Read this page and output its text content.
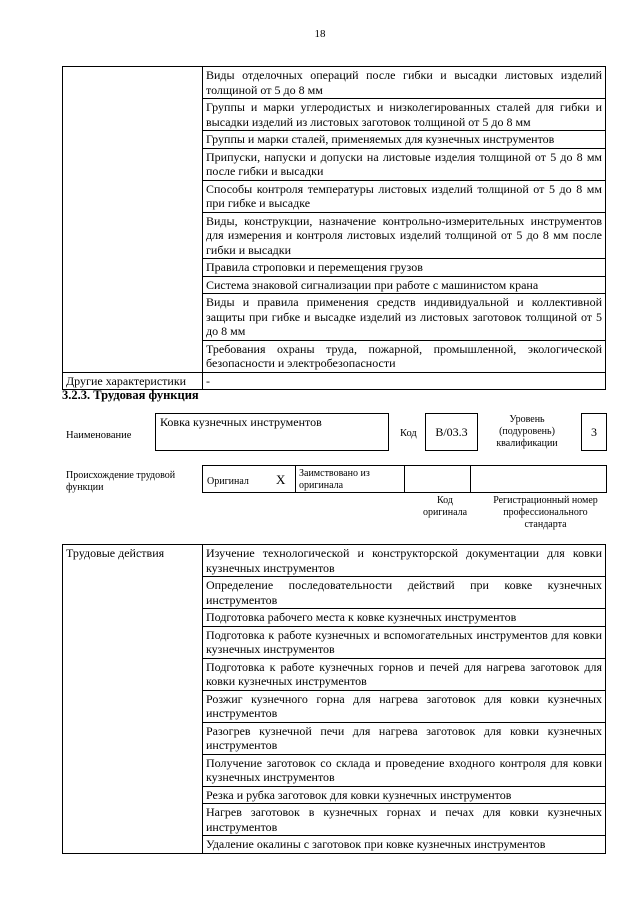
18
	Виды отделочных операций после гибки и высадки листовых изделий толщиной от 5 до 8 мм
	Группы и марки углеродистых и низколегированных сталей для гибки и высадки изделий из листовых заготовок толщиной от 5 до 8 мм
	Группы и марки сталей, применяемых для кузнечных инструментов
	Припуски, напуски и допуски на листовые изделия толщиной от 5 до 8 мм после гибки и высадки
	Способы контроля температуры листовых изделий толщиной от 5 до 8 мм при гибке и высадке
	Виды, конструкции, назначение контрольно-измерительных инструментов для измерения и контроля листовых изделий толщиной от 5 до 8 мм после гибки и высадки
	Правила строповки и перемещения грузов
	Система знаковой сигнализации при работе с машинистом крана
	Виды и правила применения средств индивидуальной и коллективной защиты при гибке и высадке изделий из листовых заготовок толщиной от 5 до 8 мм
	Требования охраны труда, пожарной, промышленной, экологической безопасности и электробезопасности
Другие характеристики	-
3.2.3. Трудовая функция
Наименование
Ковка кузнечных инструментов
Код	B/03.3
Уровень (подуровень) квалификации
3
Происхождение трудовой функции
Оригинал X Заимствовано из оригинала
Код оригинала
Регистрационный номер профессионального стандарта
Трудовые действия	Изучение технологической и конструкторской документации для ковки кузнечных инструментов
Определение последовательности действий при ковке кузнечных инструментов
Подготовка рабочего места к ковке кузнечных инструментов
Подготовка к работе кузнечных и вспомогательных инструментов для ковки кузнечных инструментов
Подготовка к работе кузнечных горнов и печей для нагрева заготовок для ковки кузнечных инструментов
Розжиг кузнечного горна для нагрева заготовок для ковки кузнечных инструментов
Разогрев кузнечной печи для нагрева заготовок для ковки кузнечных инструментов
Получение заготовок со склада и проведение входного контроля для ковки кузнечных инструментов
Резка и рубка заготовок для ковки кузнечных инструментов
Нагрев заготовок в кузнечных горнах и печах для ковки кузнечных инструментов
Удаление окалины с заготовок при ковке кузнечных инструментов
